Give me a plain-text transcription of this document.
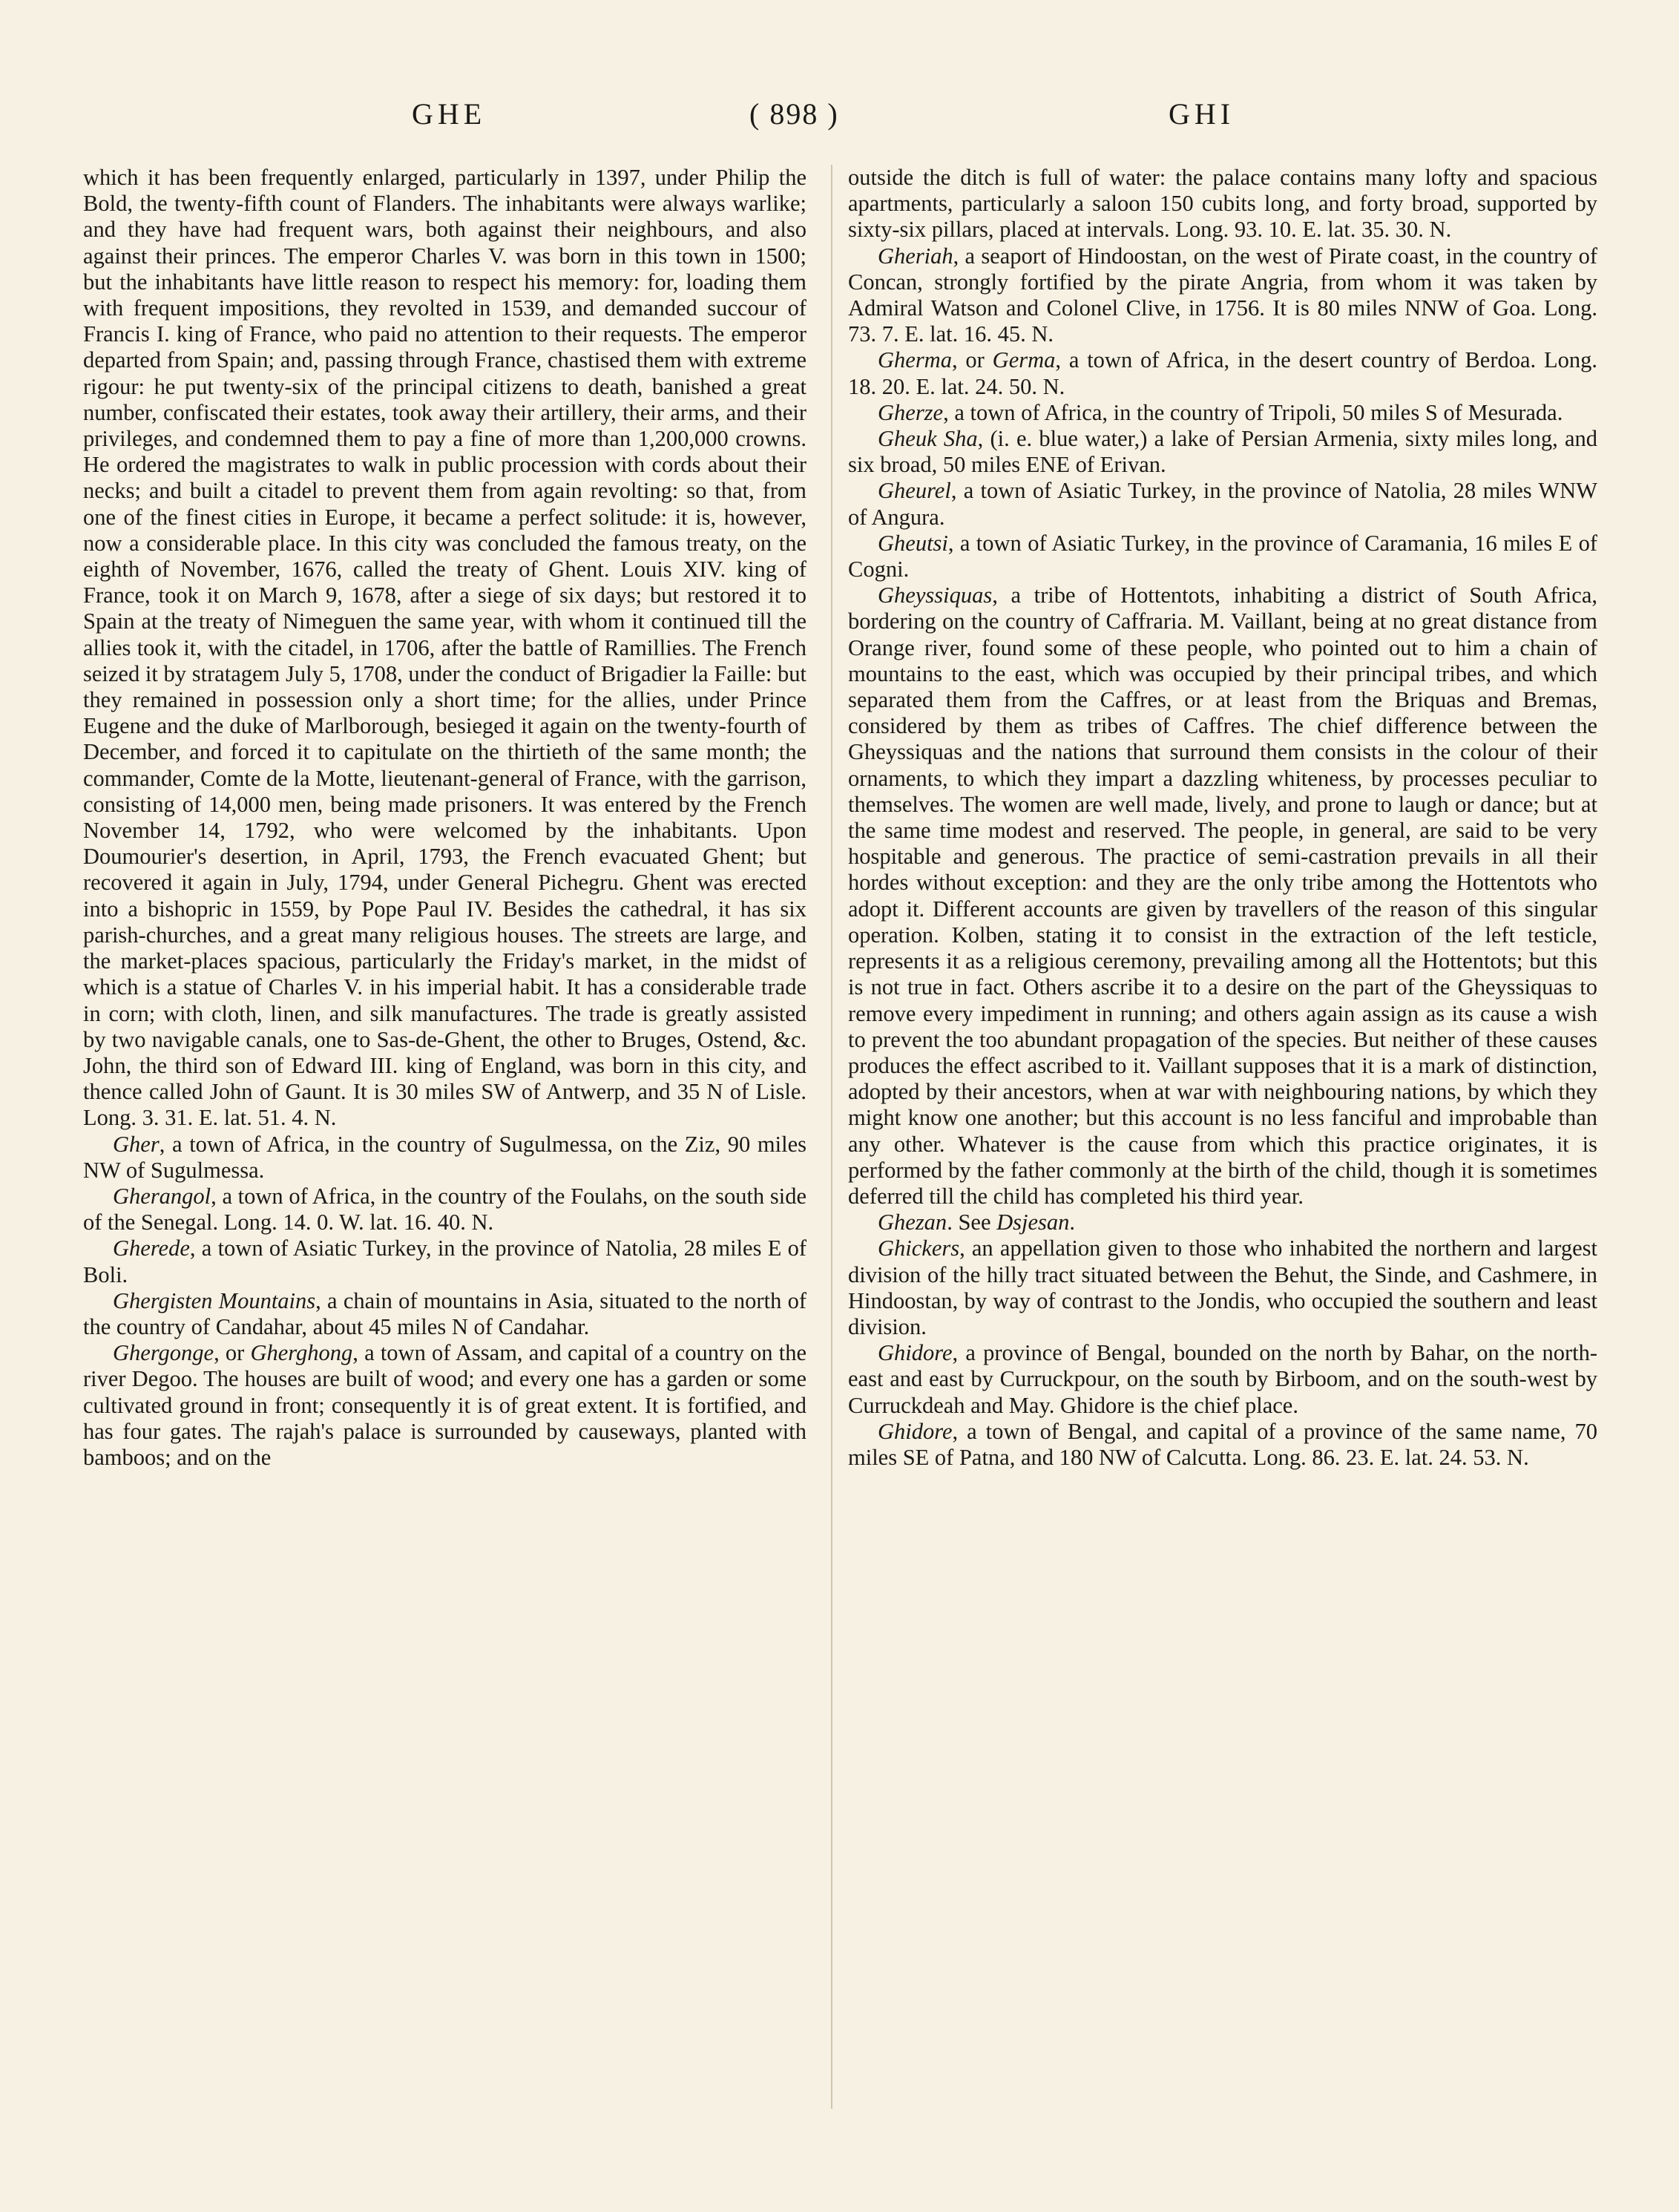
GHE	( 898 )	GHI

which it has been frequently enlarged, particularly in 1397, under Philip the Bold, the twenty-fifth count of Flanders. The inhabitants were always warlike; and they have had frequent wars, both against their neighbours, and also against their princes. The emperor Charles V. was born in this town in 1500; but the inhabitants have little reason to respect his memory: for, loading them with frequent impositions, they revolted in 1539, and demanded succour of Francis I. king of France, who paid no attention to their requests. The emperor departed from Spain; and, passing through France, chastised them with extreme rigour: he put twenty-six of the principal citizens to death, banished a great number, confiscated their estates, took away their artillery, their arms, and their privileges, and condemned them to pay a fine of more than 1,200,000 crowns. He ordered the magistrates to walk in public procession with cords about their necks; and built a citadel to prevent them from again revolting: so that, from one of the finest cities in Europe, it became a perfect solitude: it is, however, now a considerable place. In this city was concluded the famous treaty, on the eighth of November, 1676, called the treaty of Ghent. Louis XIV. king of France, took it on March 9, 1678, after a siege of six days; but restored it to Spain at the treaty of Nimeguen the same year, with whom it continued till the allies took it, with the citadel, in 1706, after the battle of Ramillies. The French seized it by stratagem July 5, 1708, under the conduct of Brigadier la Faille: but they remained in possession only a short time; for the allies, under Prince Eugene and the duke of Marlborough, besieged it again on the twenty-fourth of December, and forced it to capitulate on the thirtieth of the same month; the commander, Comte de la Motte, lieutenant-general of France, with the garrison, consisting of 14,000 men, being made prisoners. It was entered by the French November 14, 1792, who were welcomed by the inhabitants. Upon Doumourier's desertion, in April, 1793, the French evacuated Ghent; but recovered it again in July, 1794, under General Pichegru. Ghent was erected into a bishopric in 1559, by Pope Paul IV. Besides the cathedral, it has six parish-churches, and a great many religious houses. The streets are large, and the market-places spacious, particularly the Friday's market, in the midst of which is a statue of Charles V. in his imperial habit. It has a considerable trade in corn; with cloth, linen, and silk manufactures. The trade is greatly assisted by two navigable canals, one to Sas-de-Ghent, the other to Bruges, Ostend, &c. John, the third son of Edward III. king of England, was born in this city, and thence called John of Gaunt. It is 30 miles SW of Antwerp, and 35 N of Lisle. Long. 3. 31. E. lat. 51. 4. N.

Gher, a town of Africa, in the country of Sugulmessa, on the Ziz, 90 miles NW of Sugulmessa.

Gherangol, a town of Africa, in the country of the Foulahs, on the south side of the Senegal. Long. 14. 0. W. lat. 16. 40. N.

Gherede, a town of Asiatic Turkey, in the province of Natolia, 28 miles E of Boli.

Ghergisten Mountains, a chain of mountains in Asia, situated to the north of the country of Candahar, about 45 miles N of Candahar.

Ghergonge, or Gherghong, a town of Assam, and capital of a country on the river Degoo. The houses are built of wood; and every one has a garden or some cultivated ground in front; consequently it is of great extent. It is fortified, and has four gates. The rajah's palace is surrounded by causeways, planted with bamboos; and on the

outside the ditch is full of water: the palace contains many lofty and spacious apartments, particularly a saloon 150 cubits long, and forty broad, supported by sixty-six pillars, placed at intervals. Long. 93. 10. E. lat. 35. 30. N.

Gheriah, a seaport of Hindoostan, on the west of Pirate coast, in the country of Concan, strongly fortified by the pirate Angria, from whom it was taken by Admiral Watson and Colonel Clive, in 1756. It is 80 miles NNW of Goa. Long. 73. 7. E. lat. 16. 45. N.

Gherma, or Germa, a town of Africa, in the desert country of Berdoa. Long. 18. 20. E. lat. 24. 50. N.

Gherze, a town of Africa, in the country of Tripoli, 50 miles S of Mesurada.

Gheuk Sha, (i. e. blue water,) a lake of Persian Armenia, sixty miles long, and six broad, 50 miles ENE of Erivan.

Gheurel, a town of Asiatic Turkey, in the province of Natolia, 28 miles WNW of Angura.

Gheutsi, a town of Asiatic Turkey, in the province of Caramania, 16 miles E of Cogni.

Gheyssiquas, a tribe of Hottentots, inhabiting a district of South Africa, bordering on the country of Caffraria. M. Vaillant, being at no great distance from Orange river, found some of these people, who pointed out to him a chain of mountains to the east, which was occupied by their principal tribes, and which separated them from the Caffres, or at least from the Briquas and Bremas, considered by them as tribes of Caffres. The chief difference between the Gheyssiquas and the nations that surround them consists in the colour of their ornaments, to which they impart a dazzling whiteness, by processes peculiar to themselves. The women are well made, lively, and prone to laugh or dance; but at the same time modest and reserved. The people, in general, are said to be very hospitable and generous. The practice of semi-castration prevails in all their hordes without exception: and they are the only tribe among the Hottentots who adopt it. Different accounts are given by travellers of the reason of this singular operation. Kolben, stating it to consist in the extraction of the left testicle, represents it as a religious ceremony, prevailing among all the Hottentots; but this is not true in fact. Others ascribe it to a desire on the part of the Gheyssiquas to remove every impediment in running; and others again assign as its cause a wish to prevent the too abundant propagation of the species. But neither of these causes produces the effect ascribed to it. Vaillant supposes that it is a mark of distinction, adopted by their ancestors, when at war with neighbouring nations, by which they might know one another; but this account is no less fanciful and improbable than any other. Whatever is the cause from which this practice originates, it is performed by the father commonly at the birth of the child, though it is sometimes deferred till the child has completed his third year.

Ghezan. See Dsjesan.

Ghickers, an appellation given to those who inhabited the northern and largest division of the hilly tract situated between the Behut, the Sinde, and Cashmere, in Hindoostan, by way of contrast to the Jondis, who occupied the southern and least division.

Ghidore, a province of Bengal, bounded on the north by Bahar, on the north-east and east by Curruckpour, on the south by Birboom, and on the south-west by Curruckdeah and May. Ghidore is the chief place.

Ghidore, a town of Bengal, and capital of a province of the same name, 70 miles SE of Patna, and 180 NW of Calcutta. Long. 86. 23. E. lat. 24. 53. N.
